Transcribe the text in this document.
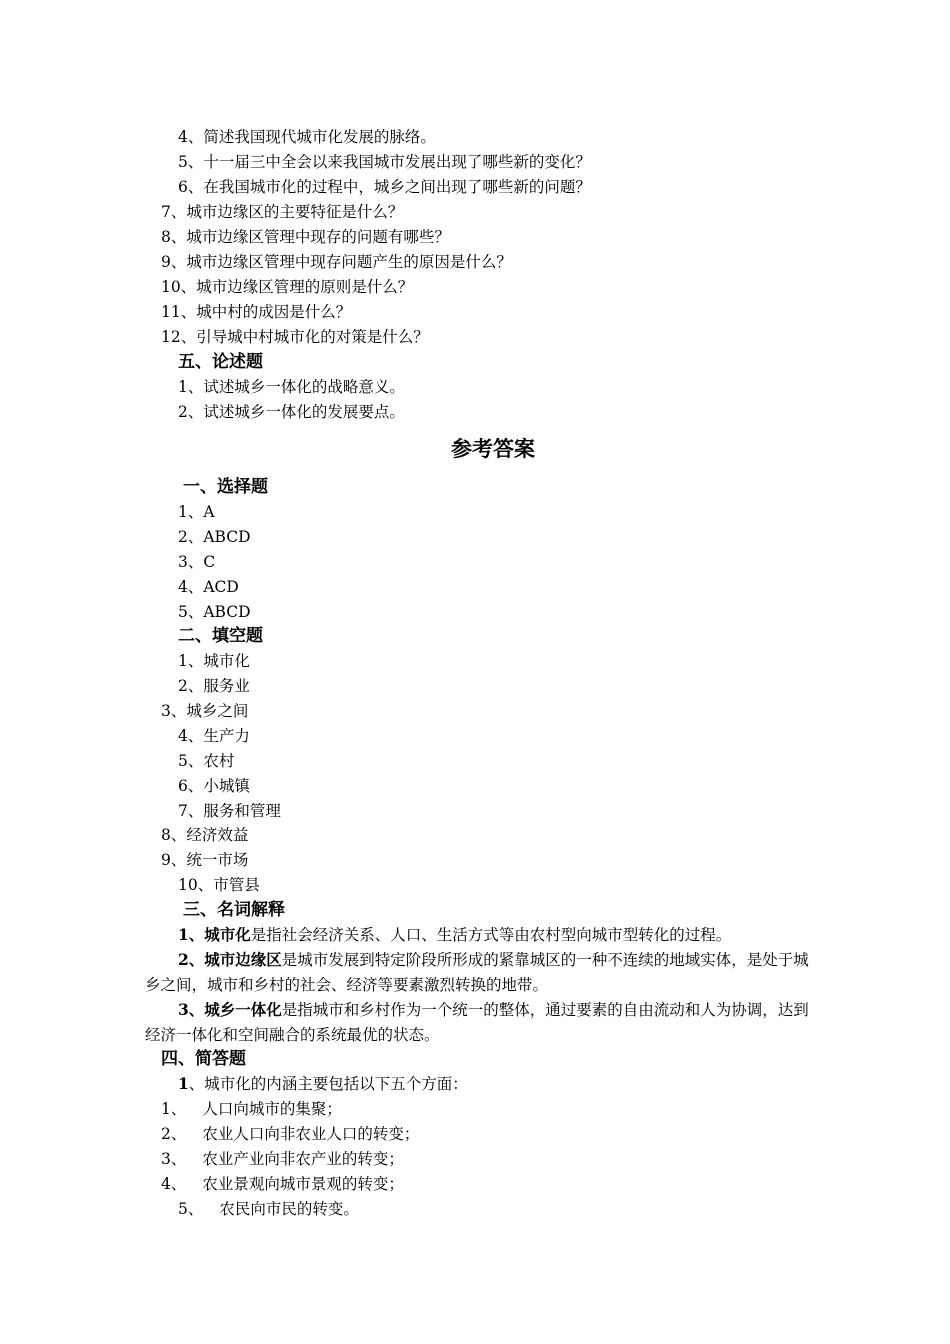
4、简述我国现代城市化发展的脉络。
5、十一届三中全会以来我国城市发展出现了哪些新的变化？
6、在我国城市化的过程中，城乡之间出现了哪些新的问题？
7、城市边缘区的主要特征是什么？
8、城市边缘区管理中现存的问题有哪些？
9、城市边缘区管理中现存问题产生的原因是什么？
10、城市边缘区管理的原则是什么？
11、城中村的成因是什么？
12、引导城中村城市化的对策是什么？
五、论述题
1、试述城乡一体化的战略意义。
2、试述城乡一体化的发展要点。
参考答案
一、选择题
1、A
2、ABCD
3、C
4、ACD
5、ABCD
二、填空题
1、城市化
2、服务业
3、城乡之间
4、生产力
5、农村
6、小城镇
7、服务和管理
8、经济效益
9、统一市场
10、市管县
三、名词解释
1、城市化是指社会经济关系、人口、生活方式等由农村型向城市型转化的过程。
2、城市边缘区是城市发展到特定阶段所形成的紧靠城区的一种不连续的地域实体，是处于城乡之间，城市和乡村的社会、经济等要素激烈转换的地带。
3、城乡一体化是指城市和乡村作为一个统一的整体，通过要素的自由流动和人为协调，达到经济一体化和空间融合的系统最优的状态。
四、简答题
1、城市化的内涵主要包括以下五个方面：
1、 人口向城市的集聚；
2、 农业人口向非农业人口的转变；
3、 农业产业向非农产业的转变；
4、 农业景观向城市景观的转变；
5、 农民向市民的转变。
